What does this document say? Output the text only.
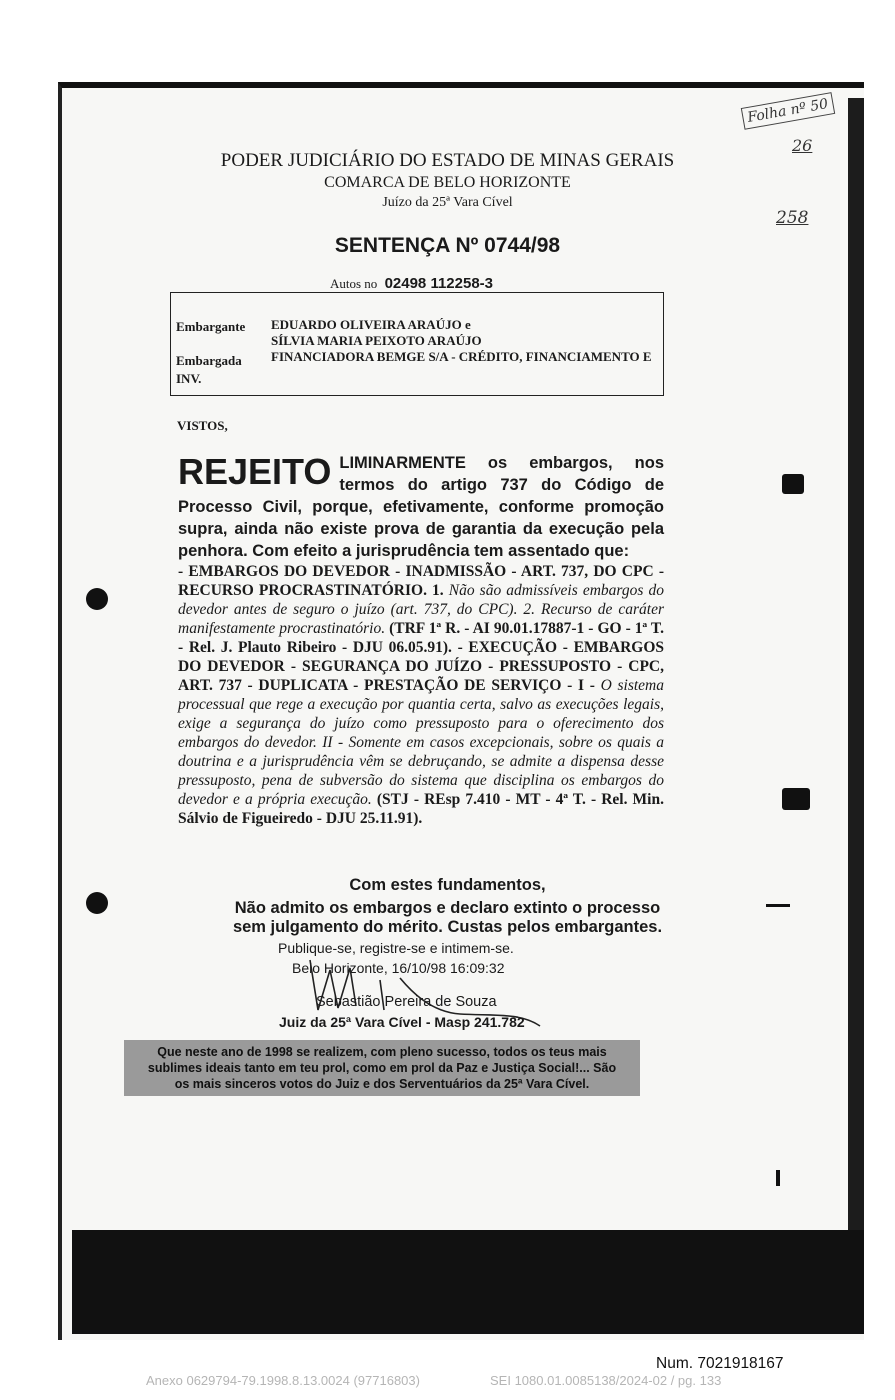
Folha nº 50
26
258
PODER JUDICIÁRIO DO ESTADO DE MINAS GERAIS
COMARCA DE BELO HORIZONTE
Juízo da 25ª Vara Cível
SENTENÇA Nº 0744/98
Autos no 02498 112258-3
Embargante EDUARDO OLIVEIRA ARAÚJO e
SÍLVIA MARIA PEIXOTO ARAÚJO
Embargada FINANCIADORA BEMGE S/A - CRÉDITO, FINANCIAMENTO E
INV.
VISTOS,
REJEITO LIMINARMENTE os embargos, nos termos do artigo 737 do Código de Processo Civil, porque, efetivamente, conforme promoção supra, ainda não existe prova de garantia da execução pela penhora. Com efeito a jurisprudência tem assentado que:
- EMBARGOS DO DEVEDOR - INADMISSÃO - ART. 737, DO CPC - RECURSO PROCRASTINATÓRIO. 1. Não são admissíveis embargos do devedor antes de seguro o juízo (art. 737, do CPC). 2. Recurso de caráter manifestamente procrastinatório. (TRF 1ª R. - AI 90.01.17887-1 - GO - 1ª T. - Rel. J. Plauto Ribeiro - DJU 06.05.91). - EXECUÇÃO - EMBARGOS DO DEVEDOR - SEGURANÇA DO JUÍZO - PRESSUPOSTO - CPC, ART. 737 - DUPLICATA - PRESTAÇÃO DE SERVIÇO - I - O sistema processual que rege a execução por quantia certa, salvo as execuções legais, exige a segurança do juízo como pressuposto para o oferecimento dos embargos do devedor. II - Somente em casos excepcionais, sobre os quais a doutrina e a jurisprudência vêm se debruçando, se admite a dispensa desse pressuposto, pena de subversão do sistema que disciplina os embargos do devedor e a própria execução. (STJ - REsp 7.410 - MT - 4ª T. - Rel. Min. Sálvio de Figueiredo - DJU 25.11.91).
Com estes fundamentos,
Não admito os embargos e declaro extinto o processo
sem julgamento do mérito. Custas pelos embargantes.
Publique-se, registre-se e intimem-se.
Belo Horizonte, 16/10/98 16:09:32
Sebastião Pereira de Souza
Juiz da 25ª Vara Cível - Masp 241.782
Que neste ano de 1998 se realizem, com pleno sucesso, todos os teus mais
sublimes ideais tanto em teu prol, como em prol da Paz e Justiça Social!... São
os mais sinceros votos do Juiz e dos Serventuários da 25ª Vara Cível.
Num. 7021918167
Anexo 0629794-79.1998.8.13.0024 (97716803)	SEI 1080.01.0085138/2024-02 / pg. 133
